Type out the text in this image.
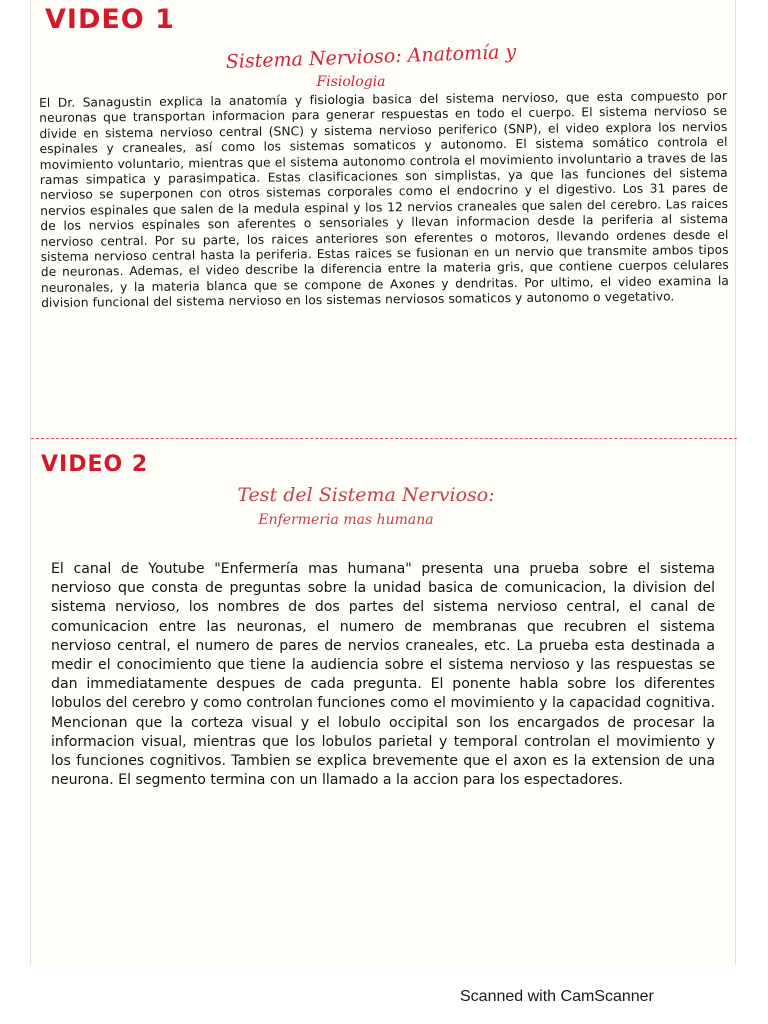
VIDEO 1
Sistema Nervioso: Anatomía y
Fisiologia

El Dr. Sanagustin explica la anatomía y fisiologia basica del sistema nervioso, que esta compuesto por neuronas que transportan informacion para generar respuestas en todo el cuerpo. El sistema nervioso se divide en sistema nervioso central (SNC) y sistema nervioso periferico (SNP), el video explora los nervios espinales y craneales, así como los sistemas somaticos y autonomo. El sistema somático controla el movimiento voluntario, mientras que el sistema autonomo controla el movimiento involuntario a traves de las ramas simpatica y parasimpatica. Estas clasificaciones son simplistas, ya que las funciones del sistema nervioso se superponen con otros sistemas corporales como el endocrino y el digestivo. Los 31 pares de nervios espinales que salen de la medula espinal y los 12 nervios craneales que salen del cerebro. Las raices de los nervios espinales son aferentes o sensoriales y llevan informacion desde la periferia al sistema nervioso central. Por su parte, los raices anteriores son eferentes o motoros, llevando ordenes desde el sistema nervioso central hasta la periferia. Estas raices se fusionan en un nervio que transmite ambos tipos de neuronas. Ademas, el video describe la diferencia entre la materia gris, que contiene cuerpos celulares neuronales, y la materia blanca que se compone de Axones y dendritas. Por ultimo, el video examina la division funcional del sistema nervioso en los sistemas nerviosos somaticos y autonomo o vegetativo.

VIDEO 2
Test del Sistema Nervioso:
Enfermeria mas humana

El canal de Youtube "Enfermería mas humana" presenta una prueba sobre el sistema nervioso que consta de preguntas sobre la unidad basica de comunicacion, la division del sistema nervioso, los nombres de dos partes del sistema nervioso central, el canal de comunicacion entre las neuronas, el numero de membranas que recubren el sistema nervioso central, el numero de pares de nervios craneales, etc. La prueba esta destinada a medir el conocimiento que tiene la audiencia sobre el sistema nervioso y las respuestas se dan immediatamente despues de cada pregunta. El ponente habla sobre los diferentes lobulos del cerebro y como controlan funciones como el movimiento y la capacidad cognitiva. Mencionan que la corteza visual y el lobulo occipital son los encargados de procesar la informacion visual, mientras que los lobulos parietal y temporal controlan el movimiento y los funciones cognitivos. Tambien se explica brevemente que el axon es la extension de una neurona. El segmento termina con un llamado a la accion para los espectadores.

Scanned with CamScanner
